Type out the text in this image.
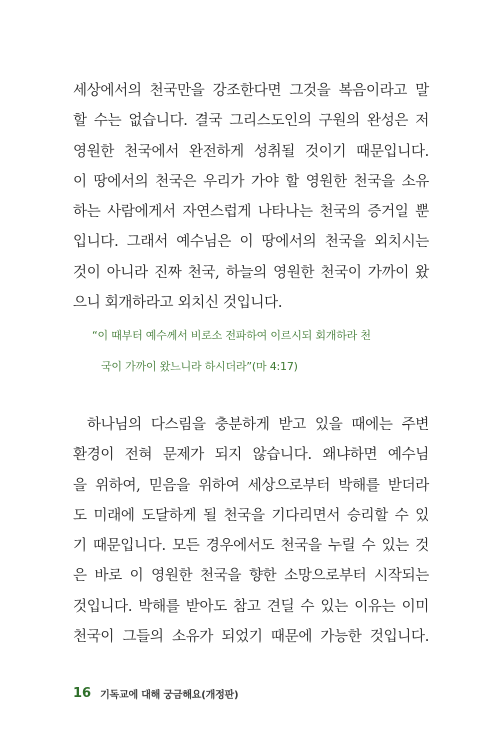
세상에서의 천국만을 강조한다면 그것을 복음이라고 말
할 수는 없습니다. 결국 그리스도인의 구원의 완성은 저
영원한 천국에서 완전하게 성취될 것이기 때문입니다.
이 땅에서의 천국은 우리가 가야 할 영원한 천국을 소유
하는 사람에게서 자연스럽게 나타나는 천국의 증거일 뿐
입니다. 그래서 예수님은 이 땅에서의 천국을 외치시는
것이 아니라 진짜 천국, 하늘의 영원한 천국이 가까이 왔
으니 회개하라고 외치신 것입니다.
“이 때부터 예수께서 비로소 전파하여 이르시되 회개하라 천
국이 가까이 왔느니라 하시더라”(마 4:17)
하나님의 다스림을 충분하게 받고 있을 때에는 주변
환경이 전혀 문제가 되지 않습니다. 왜냐하면 예수님
을 위하여, 믿음을 위하여 세상으로부터 박해를 받더라
도 미래에 도달하게 될 천국을 기다리면서 승리할 수 있
기 때문입니다. 모든 경우에서도 천국을 누릴 수 있는 것
은 바로 이 영원한 천국을 향한 소망으로부터 시작되는
것입니다. 박해를 받아도 참고 견딜 수 있는 이유는 이미
천국이 그들의 소유가 되었기 때문에 가능한 것입니다.
16 기독교에 대해 궁금해요(개정판)
